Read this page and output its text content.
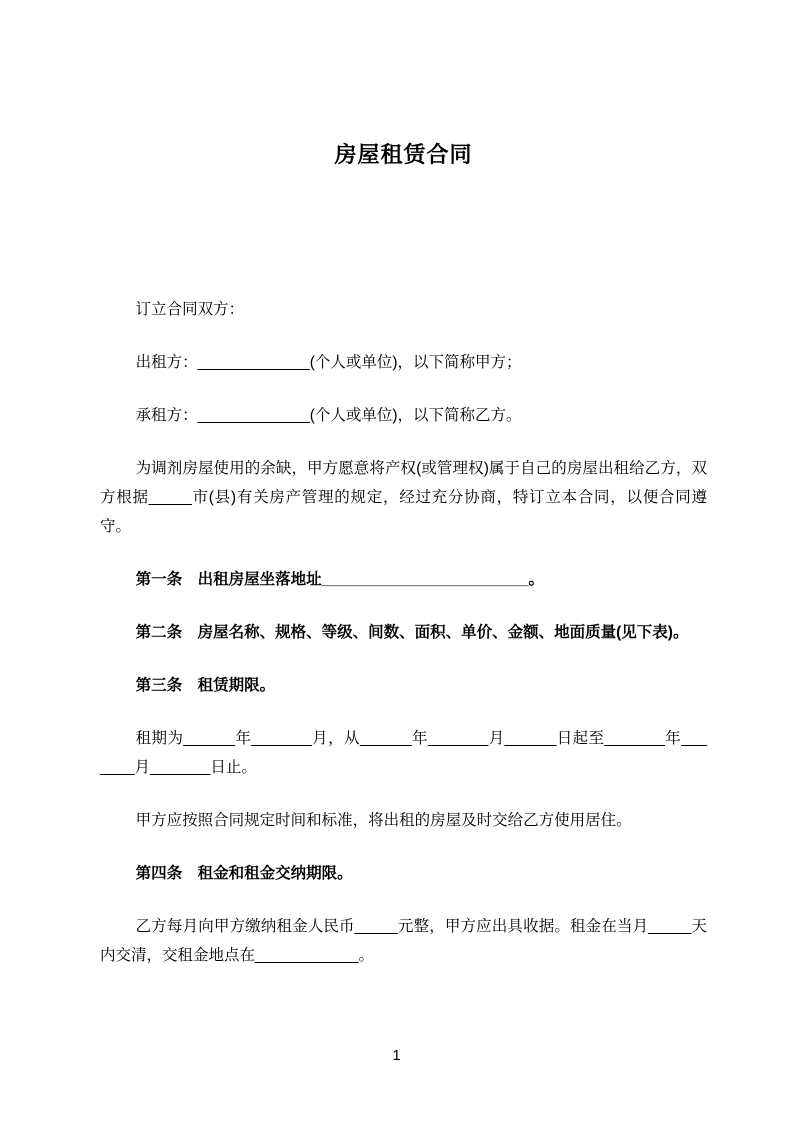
房屋租赁合同

订立合同双方：

出租方：_____________(个人或单位)，以下简称甲方；

承租方：_____________(个人或单位)，以下简称乙方。

为调剂房屋使用的余缺，甲方愿意将产权(或管理权)属于自己的房屋出租给乙方，双方根据_____市(县)有关房产管理的规定，经过充分协商，特订立本合同，以便合同遵守。

第一条　出租房屋坐落地址________________________。

第二条　房屋名称、规格、等级、间数、面积、单价、金额、地面质量(见下表)。

第三条　租赁期限。

租期为______年_______月，从______年_______月______日起至_______年_______月_______日止。

甲方应按照合同规定时间和标准，将出租的房屋及时交给乙方使用居住。

第四条　租金和租金交纳期限。

乙方每月向甲方缴纳租金人民币_____元整，甲方应出具收据。租金在当月_____天内交清，交租金地点在____________。

1
